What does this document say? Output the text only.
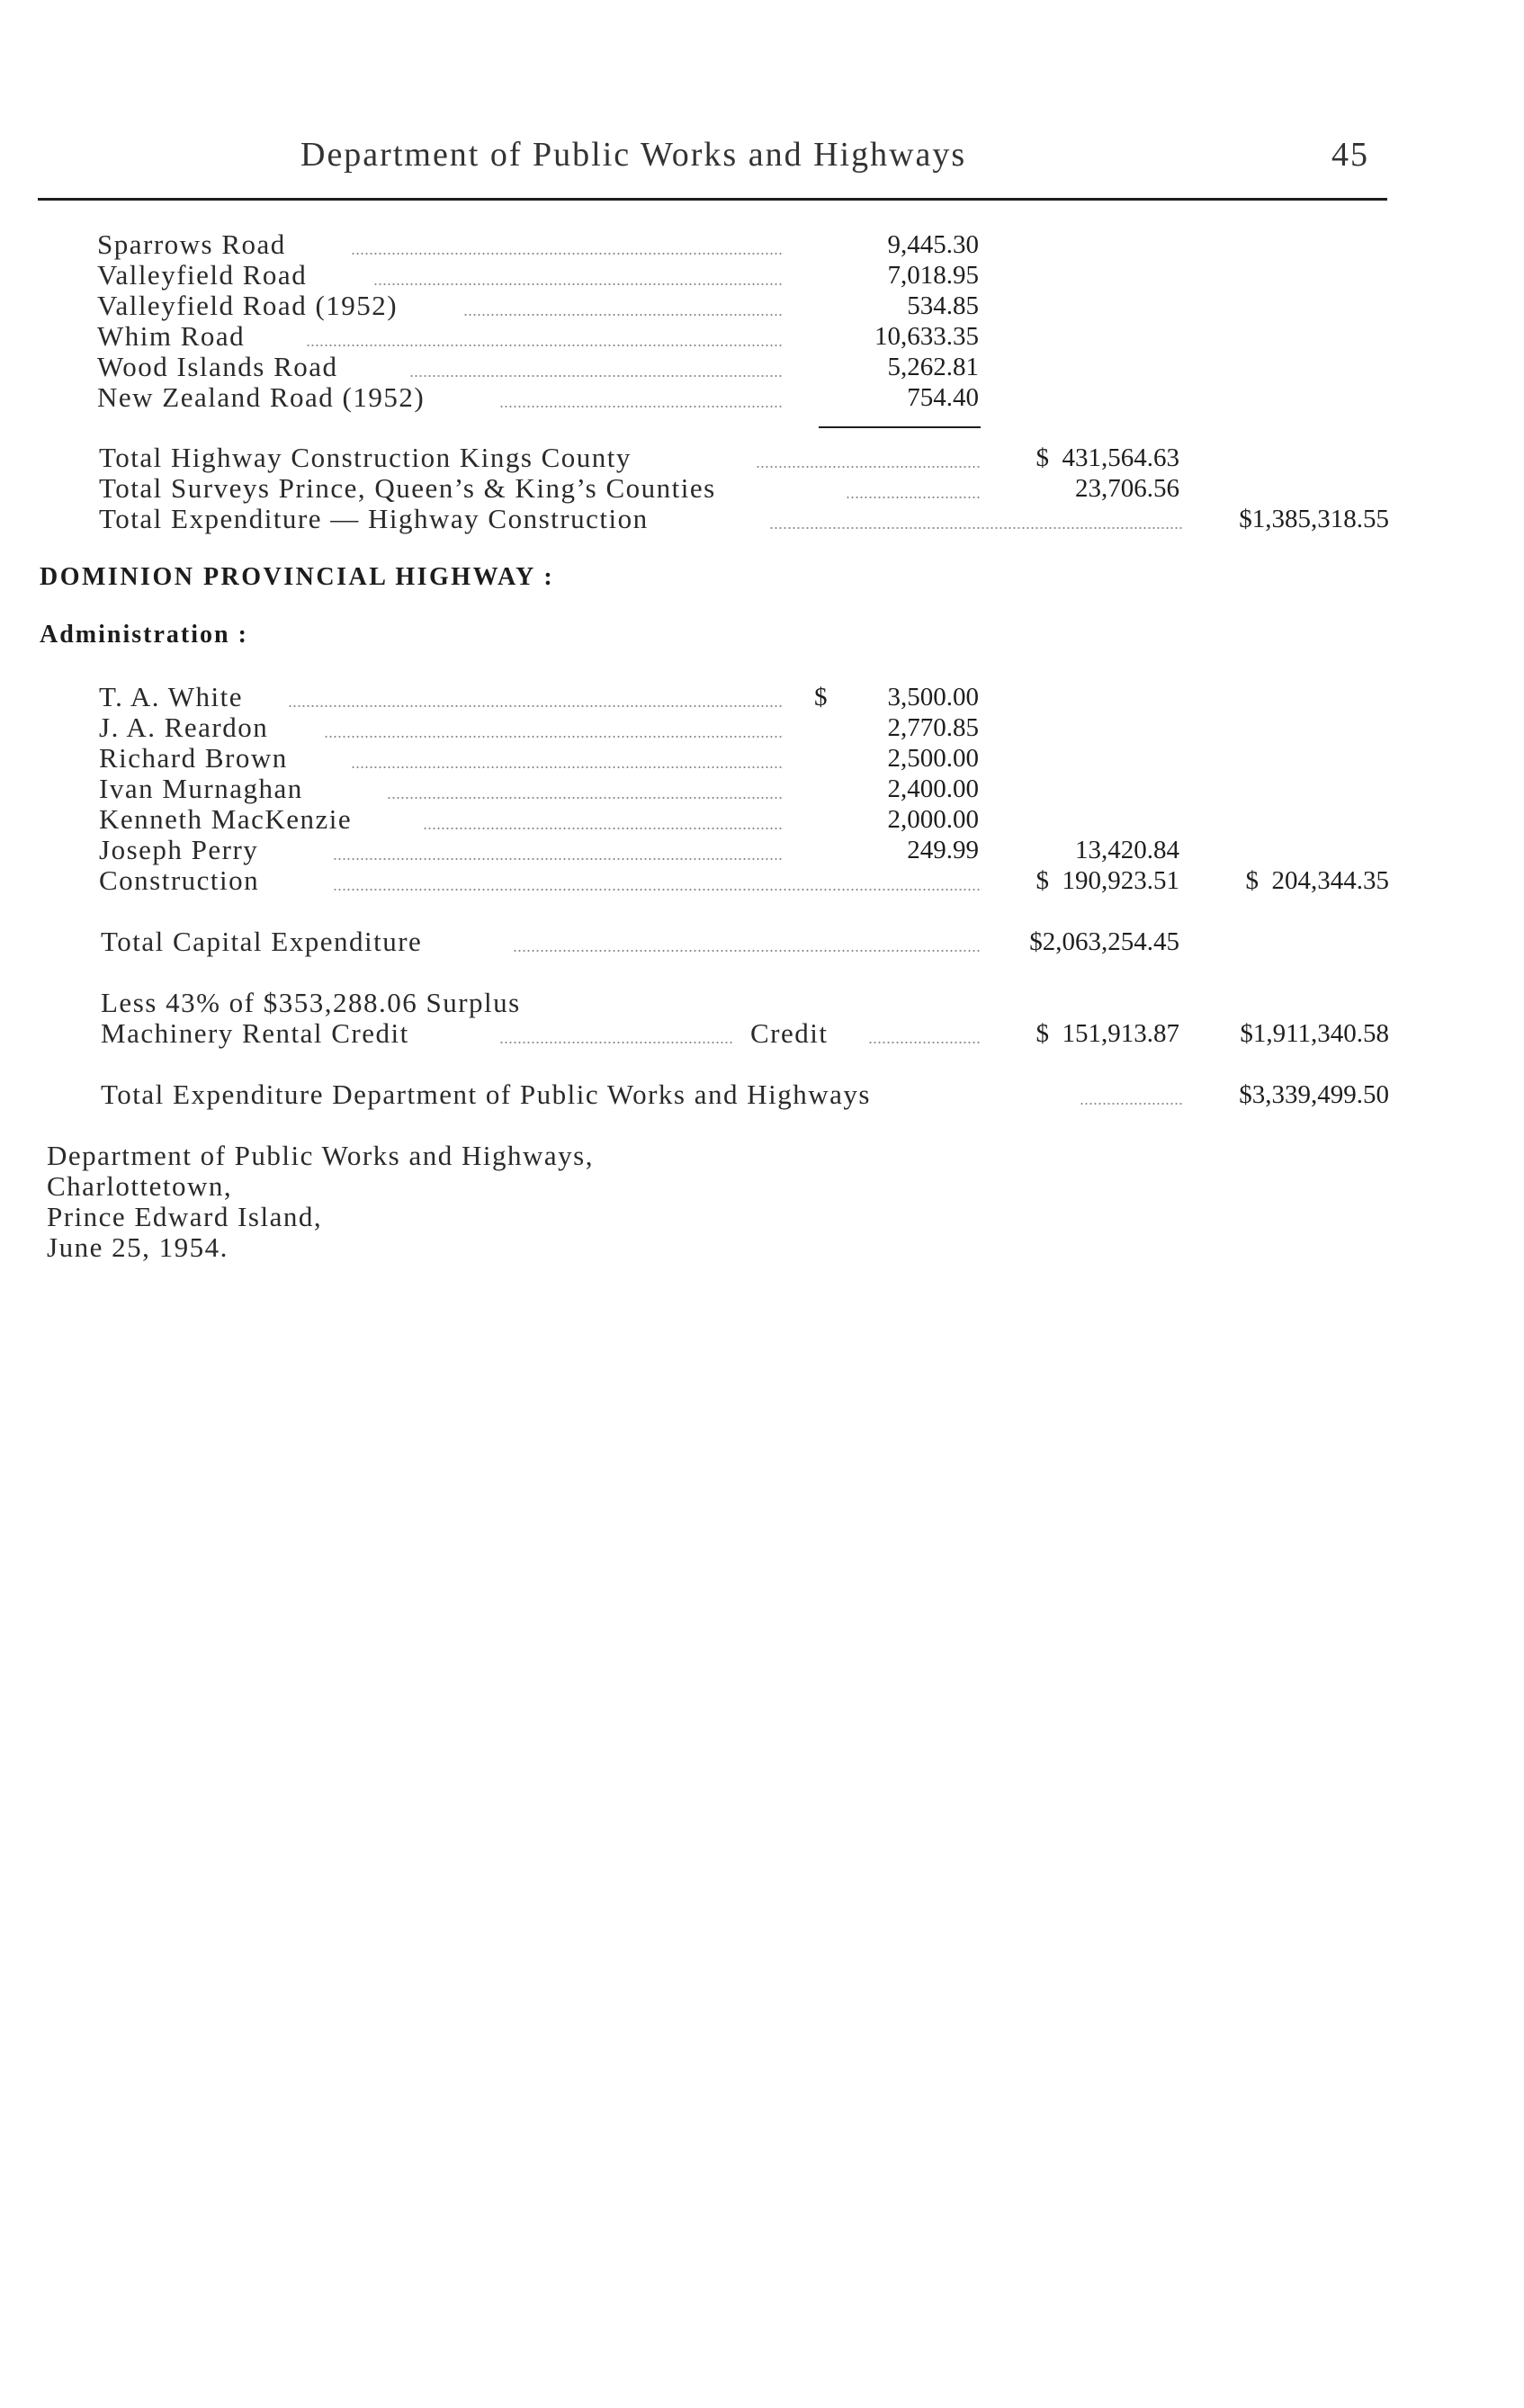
Department of Public Works and Highways	45
Sparrows Road	9,445.30
Valleyfield Road	7,018.95
Valleyfield Road (1952)	534.85
Whim Road	10,633.35
Wood Islands Road	5,262.81
New Zealand Road (1952)	754.40
Total Highway Construction Kings County	$  431,564.63
Total Surveys Prince, Queen’s & King’s Counties	23,706.56
Total Expenditure — Highway Construction	$1,385,318.55
DOMINION PROVINCIAL HIGHWAY :
Administration :
T. A. White	$ 3,500.00
J. A. Reardon	2,770.85
Richard Brown	2,500.00
Ivan Murnaghan	2,400.00
Kenneth MacKenzie	2,000.00
Joseph Perry	249.99	13,420.84
Construction	$  190,923.51	$  204,344.35
Total Capital Expenditure	$2,063,254.45
Less 43% of $353,288.06 Surplus
Machinery Rental Credit	Credit	$  151,913.87 $1,911,340.58
Total Expenditure Department of Public Works and Highways	$3,339,499.50
Department of Public Works and Highways,
Charlottetown,
Prince Edward Island,
June 25, 1954.
